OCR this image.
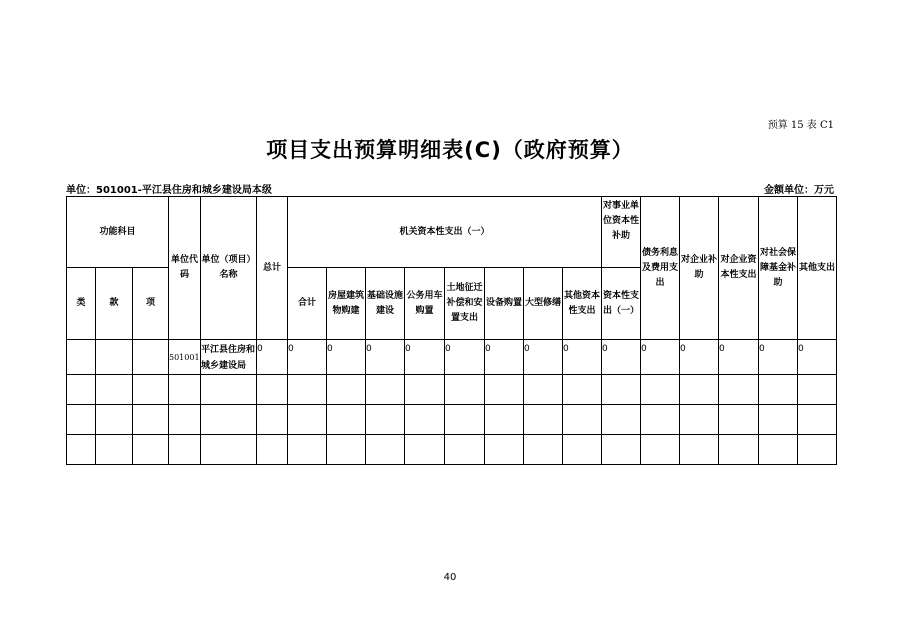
预算 15 表 C1
项目支出预算明细表(C)（政府预算）
单位：501001-平江县住房和城乡建设局本级	金额单位：万元
功能科目			单位代码	单位（项目）名称	总计	机关资本性支出（一）								对事业单位资本性补助	债务利息及费用支出	对企业补助	对企业资本性支出	对社会保障基金补助	其他支出
类	款	项				合计	房屋建筑物购建	基础设施建设	公务用车购置	土地征迁补偿和安置支出	设备购置	大型修缮	其他资本性支出	资本性支出（一）					
			501001	平江县住房和城乡建设局	0	0	0	0	0	0	0	0	0	0	0	0	0	0	0

40
